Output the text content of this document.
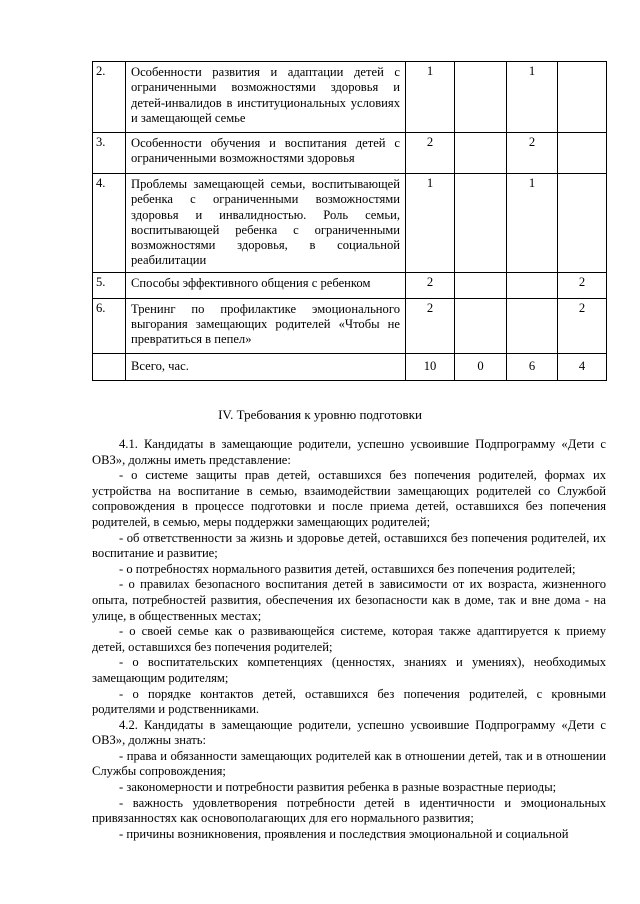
2.	Особенности развития и адаптации детей с ограниченными возможностями здоровья и детей-инвалидов в институциональных условиях и замещающей семье	1		1	
3.	Особенности обучения и воспитания детей с ограниченными возможностями здоровья	2		2	
4.	Проблемы замещающей семьи, воспитывающей ребенка с ограниченными возможностями здоровья и инвалидностью. Роль семьи, воспитывающей ребенка с ограниченными возможностями здоровья, в социальной реабилитации	1		1	
5.	Способы эффективного общения с ребенком	2			2
6.	Тренинг по профилактике эмоционального выгорания замещающих родителей «Чтобы не превратиться в пепел»	2			2
	Всего, час.	10	0	6	4
IV. Требования к уровню подготовки

4.1. Кандидаты в замещающие родители, успешно усвоившие Подпрограмму «Дети с ОВЗ», должны иметь представление:

- о системе защиты прав детей, оставшихся без попечения родителей, формах их устройства на воспитание в семью, взаимодействии замещающих родителей со Службой сопровождения в процессе подготовки и после приема детей, оставшихся без попечения родителей, в семью, меры поддержки замещающих родителей;

- об ответственности за жизнь и здоровье детей, оставшихся без попечения родителей, их воспитание и развитие;

- о потребностях нормального развития детей, оставшихся без попечения родителей;

- о правилах безопасного воспитания детей в зависимости от их возраста, жизненного опыта, потребностей развития, обеспечения их безопасности как в доме, так и вне дома - на улице, в общественных местах;

- о своей семье как о развивающейся системе, которая также адаптируется к приему детей, оставшихся без попечения родителей;

- о воспитательских компетенциях (ценностях, знаниях и умениях), необходимых замещающим родителям;

- о порядке контактов детей, оставшихся без попечения родителей, с кровными родителями и родственниками.

4.2. Кандидаты в замещающие родители, успешно усвоившие Подпрограмму «Дети с ОВЗ», должны знать:

- права и обязанности замещающих родителей как в отношении детей, так и в отношении Службы сопровождения;

- закономерности и потребности развития ребенка в разные возрастные периоды;

- важность удовлетворения потребности детей в идентичности и эмоциональных привязанностях как основополагающих для его нормального развития;

- причины возникновения, проявления и последствия эмоциональной и социальной
